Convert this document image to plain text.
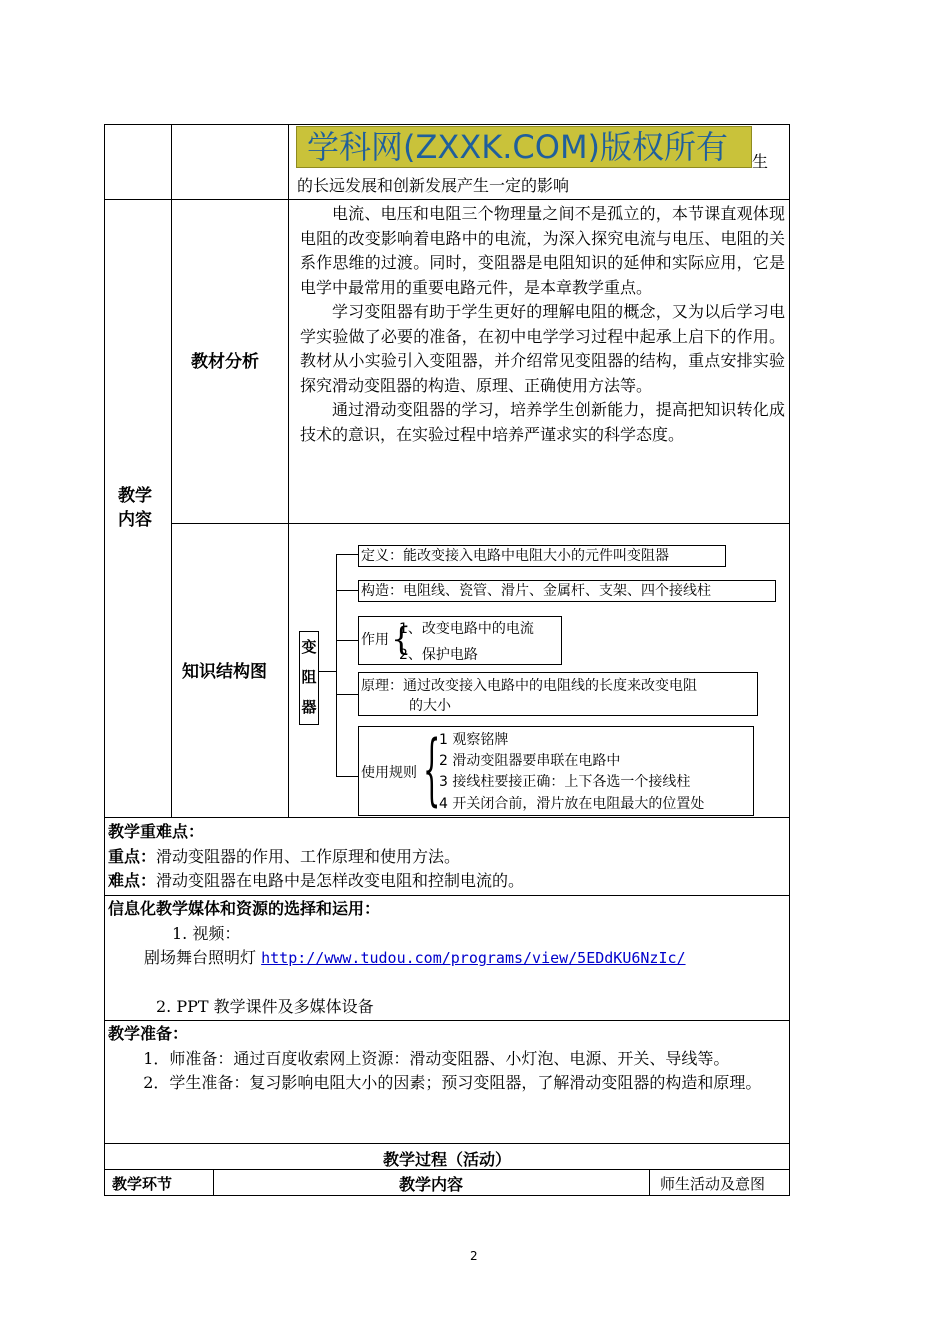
学科网(ZXXK.COM)版权所有 生
的长远发展和创新发展产生一定的影响
教学内容
教材分析

电流、电压和电阻三个物理量之间不是孤立的，本节课直观体现电阻的改变影响着电路中的电流，为深入探究电流与电压、电阻的关系作思维的过渡。同时，变阻器是电阻知识的延伸和实际应用，它是电学中最常用的重要电路元件，是本章教学重点。

学习变阻器有助于学生更好的理解电阻的概念，又为以后学习电学实验做了必要的准备，在初中电学学习过程中起承上启下的作用。教材从小实验引入变阻器，并介绍常见变阻器的结构，重点安排实验探究滑动变阻器的构造、原理、正确使用方法等。

通过滑动变阻器的学习，培养学生创新能力，提高把知识转化成技术的意识，在实验过程中培养严谨求实的科学态度。

知识结构图
变
阻
器
定义：能改变接入电路中电阻大小的元件叫变阻器
构造：电阻线、瓷管、滑片、金属杆、支架、四个接线柱
作用 {
1、改变电路中的电流
2、保护电路
原理：通过改变接入电路中的电阻线的长度来改变电阻
的大小
使用规则 {
1 观察铭牌
2 滑动变阻器要串联在电路中
3 接线柱要接正确：上下各选一个接线柱
4 开关闭合前，滑片放在电阻最大的位置处
教学重难点：
重点：滑动变阻器的作用、工作原理和使用方法。
难点：滑动变阻器在电路中是怎样改变电阻和控制电流的。
信息化教学媒体和资源的选择和运用：
1. 视频：
剧场舞台照明灯 http://www.tudou.com/programs/view/5EDdKU6NzIc/
2. PPT 教学课件及多媒体设备
教学准备：
1．师准备：通过百度收索网上资源：滑动变阻器、小灯泡、电源、开关、导线等。
2．学生准备：复习影响电阻大小的因素；预习变阻器，了解滑动变阻器的构造和原理。
教学过程（活动）
教学环节	教学内容	师生活动及意图
2
